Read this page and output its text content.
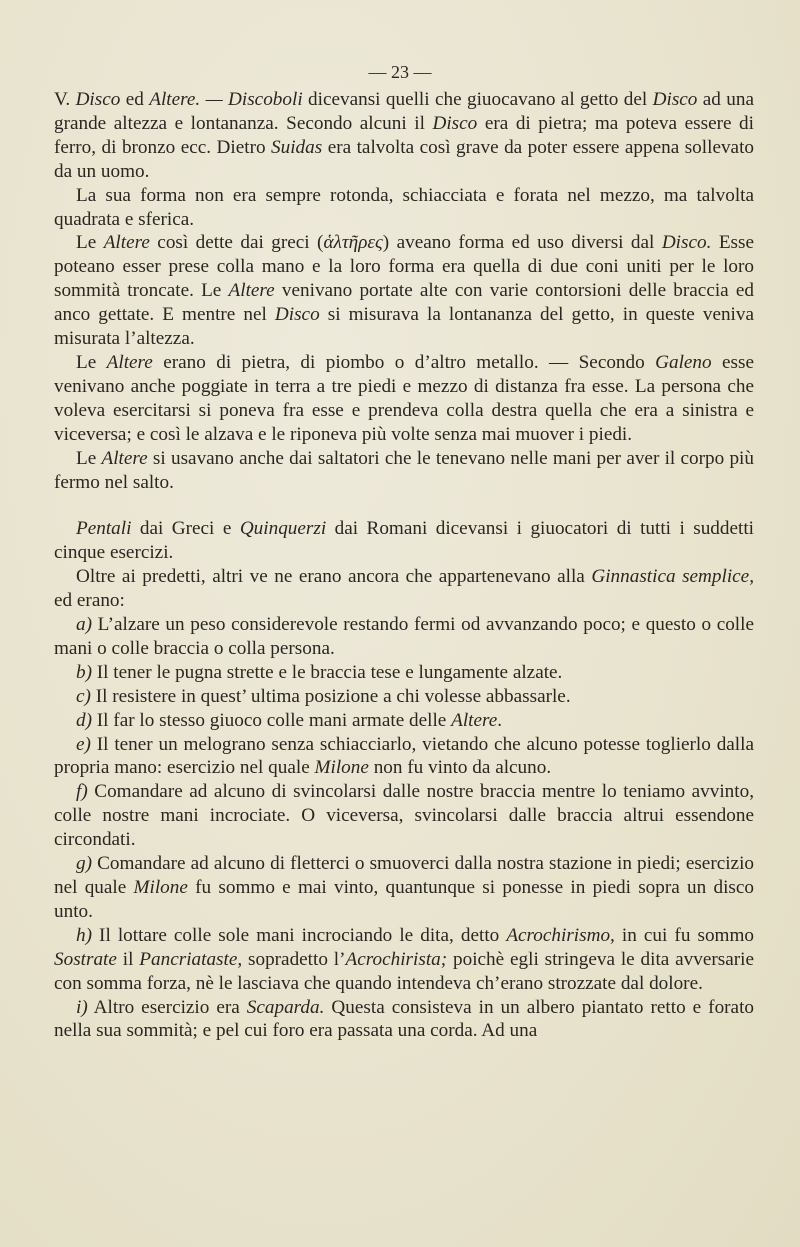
— 23 —

V. Disco ed Altere. — Discoboli dicevansi quelli che giuocavano al getto del Disco ad una grande altezza e lontananza. Secondo alcuni il Disco era di pietra; ma poteva essere di ferro, di bronzo ecc. Dietro Suidas era talvolta così grave da poter essere appena sollevato da un uomo.

La sua forma non era sempre rotonda, schiacciata e forata nel mezzo, ma talvolta quadrata e sferica.

Le Altere così dette dai greci (ἁλτῆρες) aveano forma ed uso diversi dal Disco. Esse poteano esser prese colla mano e la loro forma era quella di due coni uniti per le loro sommità troncate. Le Altere venivano portate alte con varie contorsioni delle braccia ed anco gettate. E mentre nel Disco si misurava la lontananza del getto, in queste veniva misurata l’altezza.

Le Altere erano di pietra, di piombo o d’altro metallo. — Secondo Galeno esse venivano anche poggiate in terra a tre piedi e mezzo di distanza fra esse. La persona che voleva esercitarsi si poneva fra esse e prendeva colla destra quella che era a sinistra e viceversa; e così le alzava e le riponeva più volte senza mai muover i piedi.

Le Altere si usavano anche dai saltatori che le tenevano nelle mani per aver il corpo più fermo nel salto.

Pentali dai Greci e Quinquerzi dai Romani dicevansi i giuocatori di tutti i suddetti cinque esercizi.

Oltre ai predetti, altri ve ne erano ancora che appartenevano alla Ginnastica semplice, ed erano:

a) L’alzare un peso considerevole restando fermi od avvanzando poco; e questo o colle mani o colle braccia o colla persona.

b) Il tener le pugna strette e le braccia tese e lungamente alzate.

c) Il resistere in quest’ ultima posizione a chi volesse abbassarle.

d) Il far lo stesso giuoco colle mani armate delle Altere.

e) Il tener un melograno senza schiacciarlo, vietando che alcuno potesse toglierlo dalla propria mano: esercizio nel quale Milone non fu vinto da alcuno.

f) Comandare ad alcuno di svincolarsi dalle nostre braccia mentre lo teniamo avvinto, colle nostre mani incrociate. O viceversa, svincolarsi dalle braccia altrui essendone circondati.

g) Comandare ad alcuno di fletterci o smuoverci dalla nostra stazione in piedi; esercizio nel quale Milone fu sommo e mai vinto, quantunque si ponesse in piedi sopra un disco unto.

h) Il lottare colle sole mani incrociando le dita, detto Acrochirismo, in cui fu sommo Sostrate il Pancriataste, sopradetto l’Acrochirista; poichè egli stringeva le dita avversarie con somma forza, nè le lasciava che quando intendeva ch’erano strozzate dal dolore.

i) Altro esercizio era Scaparda. Questa consisteva in un albero piantato retto e forato nella sua sommità; e pel cui foro era passata una corda. Ad una
